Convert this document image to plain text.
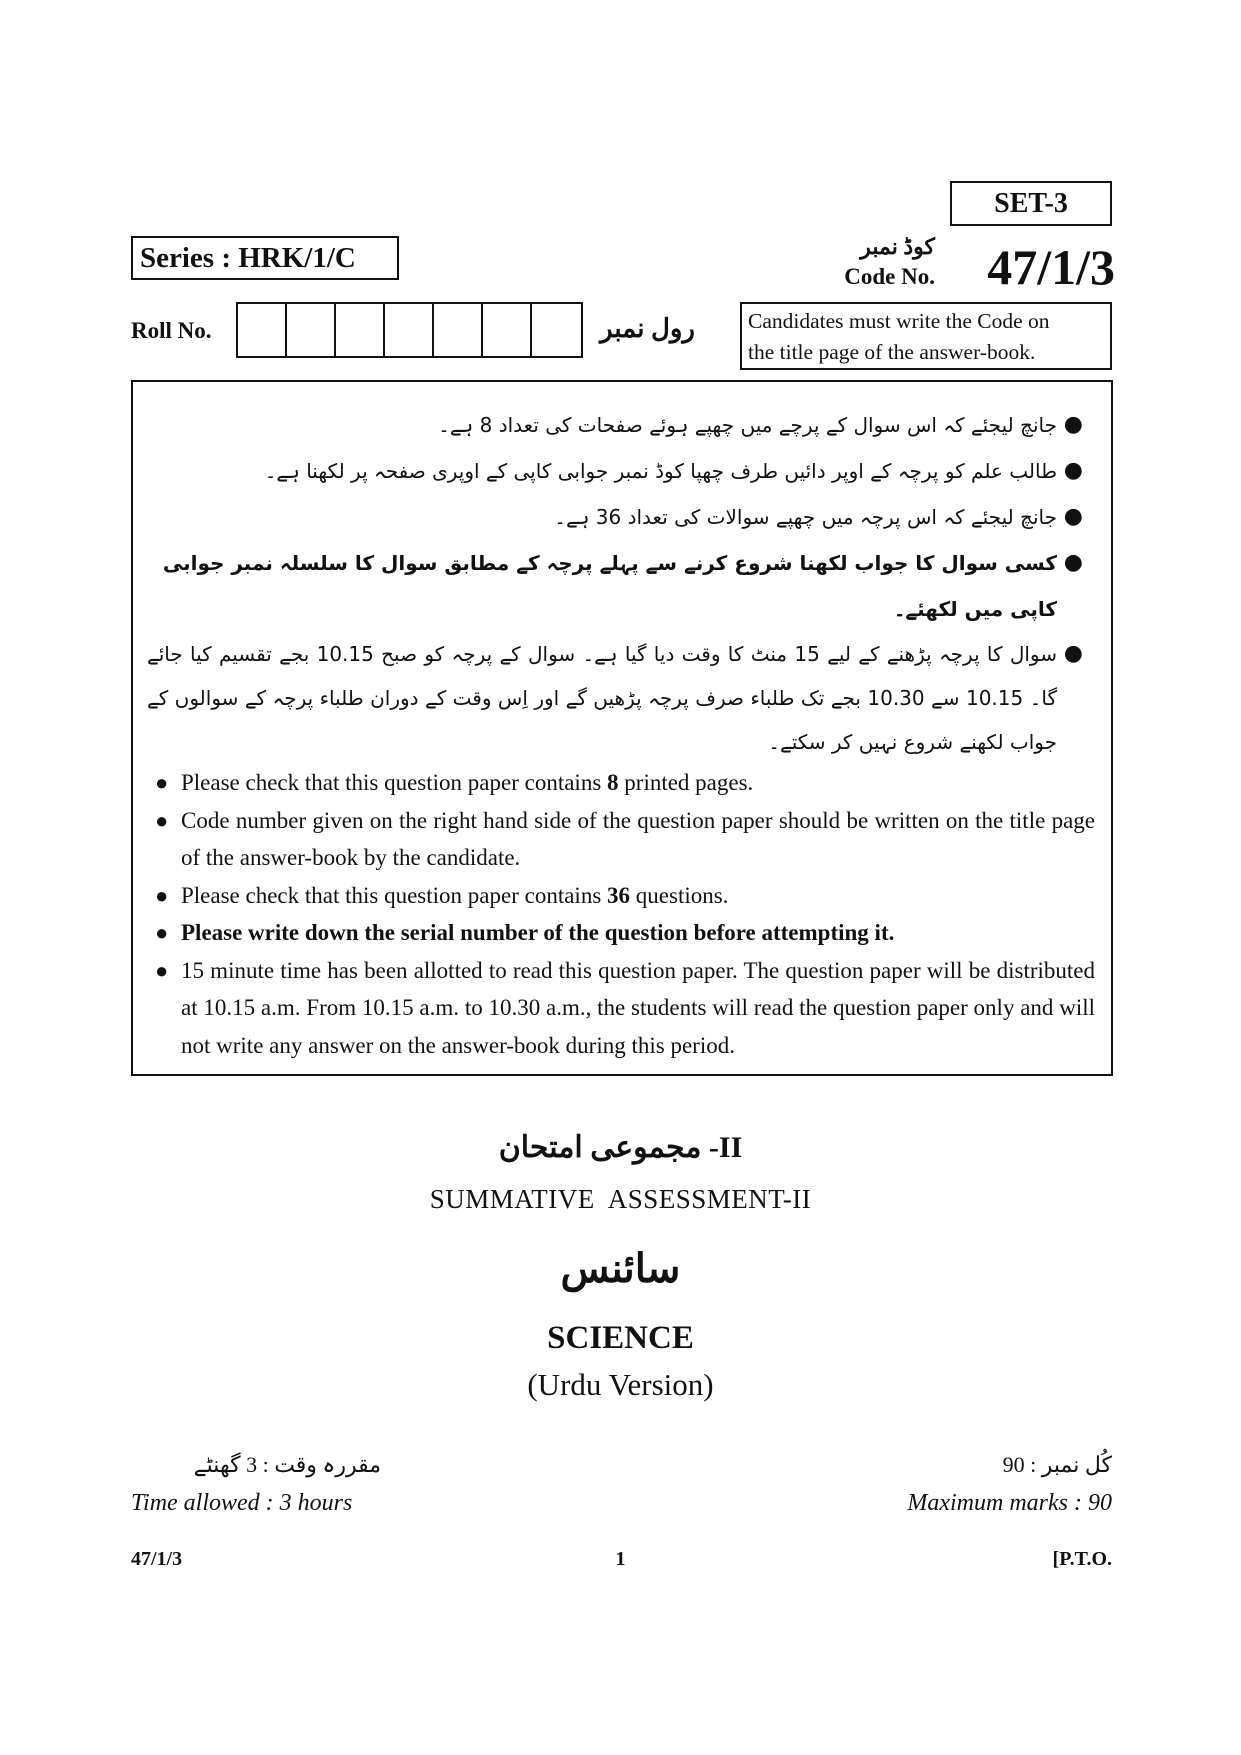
SET-3
Series : HRK/1/C	کوڈ نمبر
Code No.	47/1/3
Roll No.	رول نمبر Candidates must write the Code on
the title page of the answer-book.
●
جانچ لیجئے کہ اس سوال کے پرچے میں چھپے ہوئے صفحات کی تعداد 8 ہے۔
●
طالب علم کو پرچہ کے اوپر دائیں طرف چھپا کوڈ نمبر جوابی کاپی کے اوپری صفحہ پر لکھنا ہے۔
●
جانچ لیجئے کہ اس پرچہ میں چھپے سوالات کی تعداد 36 ہے۔
●
کسی سوال کا جواب لکھنا شروع کرنے سے پہلے پرچہ کے مطابق سوال کا سلسلہ نمبر جوابی کاپی میں لکھئے۔
●
سوال کا پرچہ پڑھنے کے لیے 15 منٹ کا وقت دیا گیا ہے۔ سوال کے پرچہ کو صبح 10.15 بجے تقسیم کیا جائے گا۔ 10.15 سے 10.30 بجے تک طلباء صرف پرچہ پڑھیں گے اور اِس وقت کے دوران طلباء پرچہ کے سوالوں کے جواب لکھنے شروع نہیں کر سکتے۔
● Please check that this question paper contains 8 printed pages.
● Code number given on the right hand side of the question paper should be written on the title page of the answer-book by the candidate.
● Please check that this question paper contains 36 questions.
● Please write down the serial number of the question before attempting it.
● 15 minute time has been allotted to read this question paper. The question paper will be distributed at 10.15 a.m. From 10.15 a.m. to 10.30 a.m., the students will read the question paper only and will not write any answer on the answer-book during this period.
مجموعی امتحان -II
SUMMATIVE  ASSESSMENT-II
سائنس
SCIENCE
(Urdu Version)
مقررہ وقت : 3 گھنٹے
Time allowed : 3 hours
کُل نمبر : 90
Maximum marks : 90
47/1/3	1	[P.T.O.
